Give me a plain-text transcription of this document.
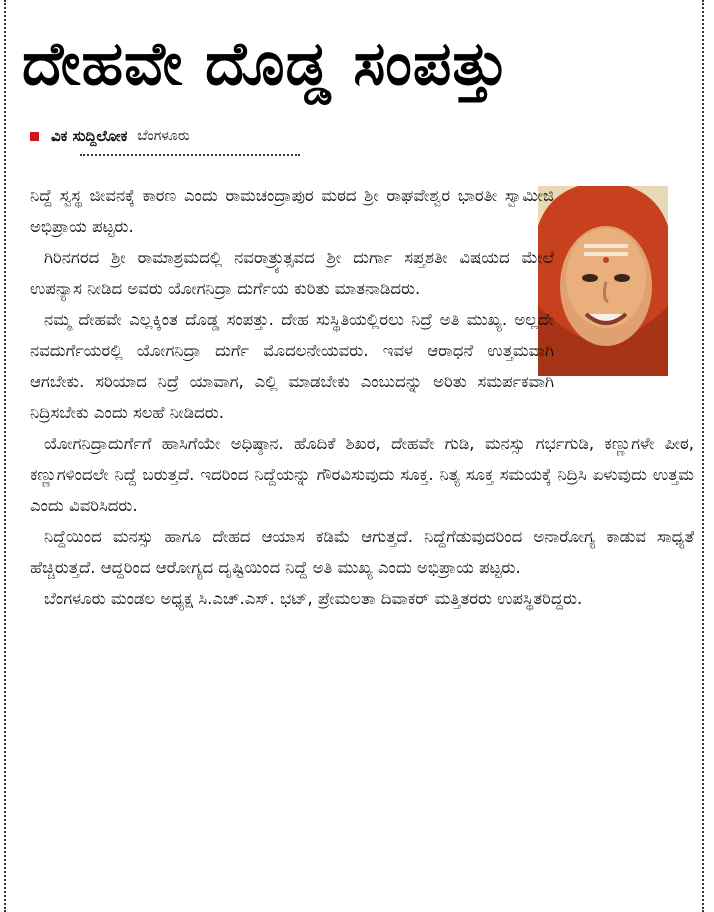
ದೇಹವೇ ದೊಡ್ಡ ಸಂಪತ್ತು
ವಿಕ ಸುದ್ದಿಲೋಕ ಬೆಂಗಳೂರು

ನಿದ್ದೆ ಸ್ವಸ್ಥ ಜೀವನಕ್ಕೆ ಕಾರಣ ಎಂದು ರಾಮಚಂದ್ರಾಪುರ ಮಠದ ಶ್ರೀ ರಾಘವೇಶ್ವರ ಭಾರತೀ ಸ್ವಾಮೀಜಿ ಅಭಿಪ್ರಾಯ ಪಟ್ಟರು.

ಗಿರಿನಗರದ ಶ್ರೀ ರಾಮಾಶ್ರಮದಲ್ಲಿ ನವರಾತ್ರ್ಯುತ್ಸವದ ಶ್ರೀ ದುರ್ಗಾ ಸಪ್ತಶತೀ ವಿಷಯದ ಮೇಲೆ ಉಪನ್ಯಾಸ ನೀಡಿದ ಅವರು ಯೋಗನಿದ್ರಾ ದುರ್ಗೆಯ ಕುರಿತು ಮಾತನಾಡಿದರು.

ನಮ್ಮ ದೇಹವೇ ಎಲ್ಲಕ್ಕಿಂತ ದೊಡ್ಡ ಸಂಪತ್ತು. ದೇಹ ಸುಸ್ಥಿತಿಯಲ್ಲಿರಲು ನಿದ್ರೆ ಅತಿ ಮುಖ್ಯ. ಅಲ್ಲದೇ ನವದುರ್ಗೆಯರಲ್ಲಿ ಯೋಗನಿದ್ರಾ ದುರ್ಗೆ ಮೊದಲನೇಯವರು. ಇವಳ ಆರಾಧನೆ ಉತ್ತಮವಾಗಿ ಆಗಬೇಕು. ಸರಿಯಾದ ನಿದ್ರೆ ಯಾವಾಗ, ಎಲ್ಲಿ ಮಾಡಬೇಕು ಎಂಬುದನ್ನು ಅರಿತು ಸಮರ್ಪಕವಾಗಿ ನಿದ್ರಿಸಬೇಕು ಎಂದು ಸಲಹೆ ನೀಡಿದರು.

ಯೋಗನಿದ್ರಾದುರ್ಗೆಗೆ ಹಾಸಿಗೆಯೇ ಅಧಿಷ್ಠಾನ. ಹೊದಿಕೆ ಶಿಖರ, ದೇಹವೇ ಗುಡಿ, ಮನಸ್ಸು ಗರ್ಭಗುಡಿ, ಕಣ್ಣುಗಳೇ ಪೀಠ, ಕಣ್ಣುಗಳಿಂದಲೇ ನಿದ್ದೆ ಬರುತ್ತದೆ. ಇದರಿಂದ ನಿದ್ದೆಯನ್ನು ಗೌರವಿಸುವುದು ಸೂಕ್ತ. ನಿತ್ಯ ಸೂಕ್ತ ಸಮಯಕ್ಕೆ ನಿದ್ರಿಸಿ ಏಳುವುದು ಉತ್ತಮ ಎಂದು ವಿವರಿಸಿದರು.

ನಿದ್ದೆಯಿಂದ ಮನಸ್ಸು ಹಾಗೂ ದೇಹದ ಆಯಾಸ ಕಡಿಮೆ ಆಗುತ್ತದೆ. ನಿದ್ದೆಗೆಡುವುದರಿಂದ ಅನಾರೋಗ್ಯ ಕಾಡುವ ಸಾಧ್ಯತೆ ಹೆಚ್ಚಿರುತ್ತದೆ. ಆದ್ದರಿಂದ ಆರೋಗ್ಯದ ದೃಷ್ಟಿಯಿಂದ ನಿದ್ದೆ ಅತಿ ಮುಖ್ಯ ಎಂದು ಅಭಿಪ್ರಾಯ ಪಟ್ಟರು.

ಬೆಂಗಳೂರು ಮಂಡಲ ಅಧ್ಯಕ್ಷ ಸಿ.ಎಚ್.ಎಸ್. ಭಟ್, ಪ್ರೇಮಲತಾ ದಿವಾಕರ್ ಮತ್ತಿತರರು ಉಪಸ್ಥಿತರಿದ್ದರು.
